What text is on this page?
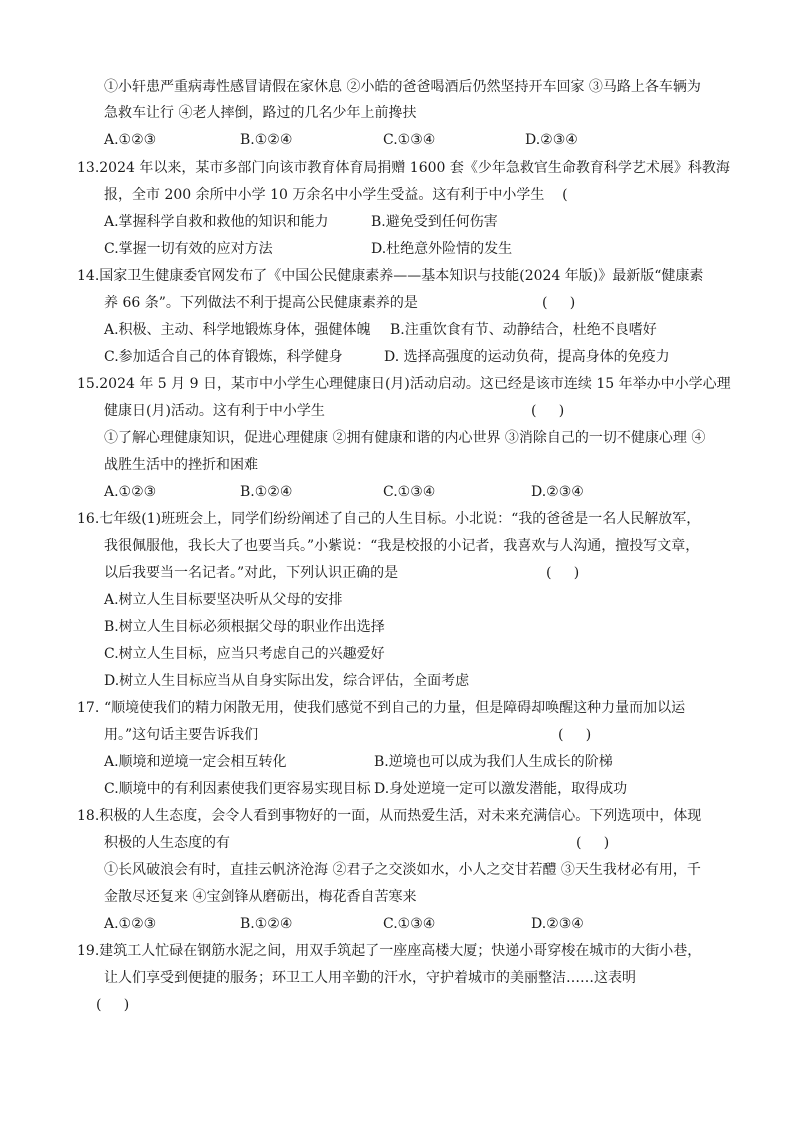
①小轩患严重病毒性感冒请假在家休息 ②小皓的爸爸喝酒后仍然坚持开车回家 ③马路上各车辆为
急救车让行 ④老人摔倒，路过的几名少年上前搀扶
A.①②③	B.①②④	C.①③④	D.②③④
13.2024 年以来，某市多部门向该市教育体育局捐赠 1600 套《少年急救官生命教育科学艺术展》科教海
报，全市 200 余所中小学 10 万余名中小学生受益。这有利于中小学生    (
A.掌握科学自救和救他的知识和能力	B.避免受到任何伤害
C.掌握一切有效的应对方法	D.杜绝意外险情的发生
14.国家卫生健康委官网发布了《中国公民健康素养——基本知识与技能(2024 年版)》最新版“健康素
养 66 条”。下列做法不利于提高公民健康素养的是	(     )
A.积极、主动、科学地锻炼身体，强健体魄 B.注重饮食有节、动静结合，杜绝不良嗜好
C.参加适合自己的体育锻炼，科学健身	D. 选择高强度的运动负荷，提高身体的免疫力
15.2024 年 5 月 9 日，某市中小学生心理健康日(月)活动启动。这已经是该市连续 15 年举办中小学心理
健康日(月)活动。这有利于中小学生	(     )
①了解心理健康知识，促进心理健康 ②拥有健康和谐的内心世界 ③消除自己的一切不健康心理 ④
战胜生活中的挫折和困难
A.①②③	B.①②④	C.①③④	D.②③④
16.七年级(1)班班会上，同学们纷纷阐述了自己的人生目标。小北说：“我的爸爸是一名人民解放军，
我很佩服他，我长大了也要当兵。”小紫说：“我是校报的小记者，我喜欢与人沟通，擅投写文章，
以后我要当一名记者。”对此，下列认识正确的是	(     )
A.树立人生目标要坚决听从父母的安排
B.树立人生目标必须根据父母的职业作出选择
C.树立人生目标，应当只考虑自己的兴趣爱好
D.树立人生目标应当从自身实际出发，综合评估，全面考虑
17. “顺境使我们的精力闲散无用，使我们感觉不到自己的力量，但是障碍却唤醒这种力量而加以运
用。”这句话主要告诉我们	(     )
A.顺境和逆境一定会相互转化	B.逆境也可以成为我们人生成长的阶梯
C.顺境中的有利因素使我们更容易实现目标 D.身处逆境一定可以激发潜能，取得成功
18.积极的人生态度，会令人看到事物好的一面，从而热爱生活，对未来充满信心。下列选项中，体现
积极的人生态度的有	(     )
①长风破浪会有时，直挂云帆济沧海 ②君子之交淡如水，小人之交甘若醴 ③天生我材必有用，千
金散尽还复来 ④宝剑锋从磨砺出，梅花香自苦寒来
A.①②③	B.①②④	C.①③④	D.②③④
19.建筑工人忙碌在钢筋水泥之间，用双手筑起了一座座高楼大厦；快递小哥穿梭在城市的大街小巷，
让人们享受到便捷的服务；环卫工人用辛勤的汗水，守护着城市的美丽整洁……这表明
(     )
